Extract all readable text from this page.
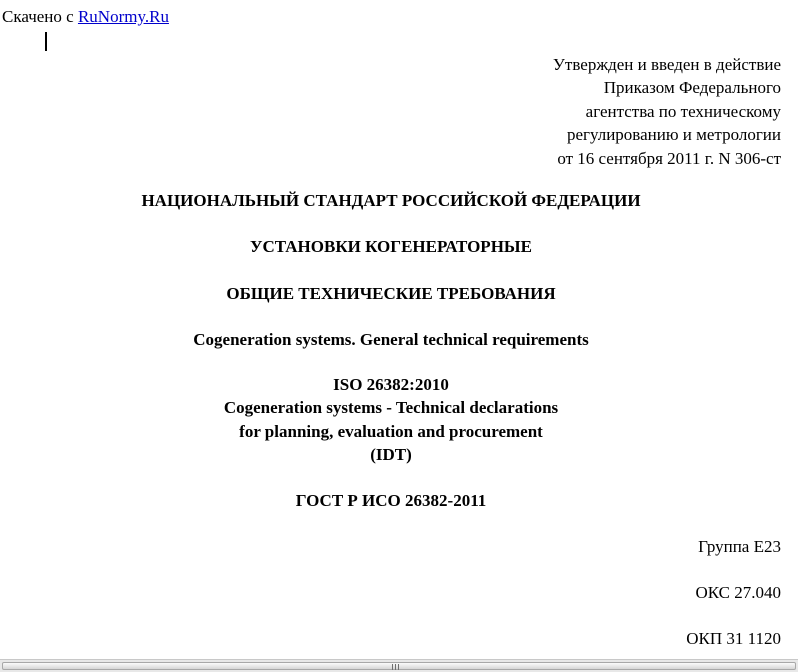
Скачено с RuNormy.Ru
Утвержден и введен в действие
Приказом Федерального
агентства по техническому
регулированию и метрологии
от 16 сентября 2011 г. N 306-ст
НАЦИОНАЛЬНЫЙ СТАНДАРТ РОССИЙСКОЙ ФЕДЕРАЦИИ
УСТАНОВКИ КОГЕНЕРАТОРНЫЕ
ОБЩИЕ ТЕХНИЧЕСКИЕ ТРЕБОВАНИЯ
Cogeneration systems. General technical requirements
ISO 26382:2010
Cogeneration systems - Technical declarations
for planning, evaluation and procurement
(IDT)
ГОСТ Р ИСО 26382-2011
Группа Е23
ОКС 27.040
ОКП 31 1120
